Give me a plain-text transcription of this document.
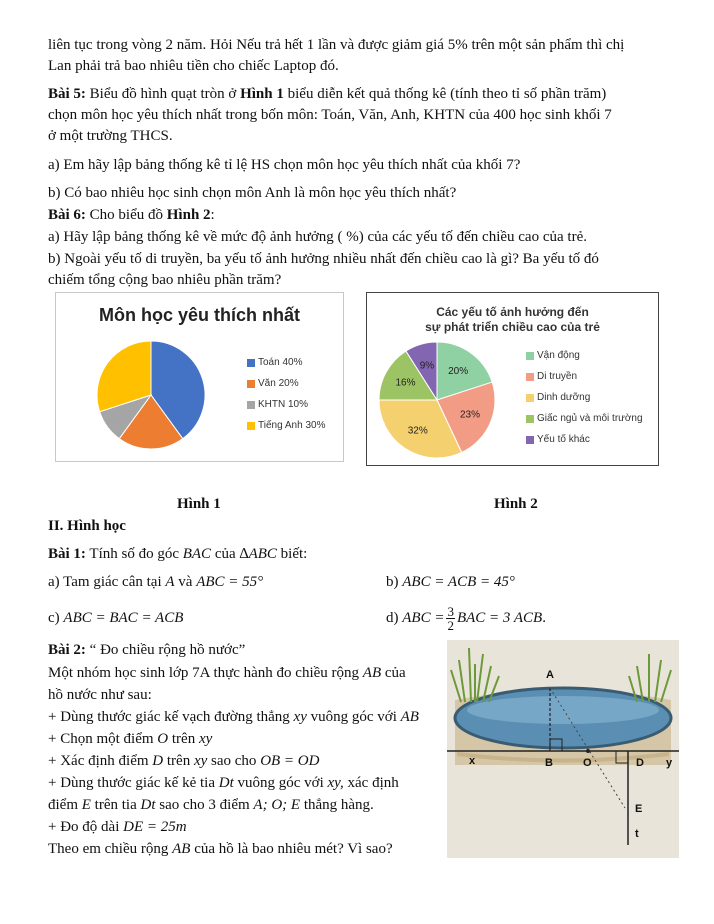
liên tục trong vòng 2 năm. Hỏi Nếu trả hết 1 lần và được giảm giá 5% trên một sản phẩm thì chị

Lan phải trả bao nhiêu tiền cho chiếc Laptop đó.

Bài 5: Biểu đồ hình quạt tròn ở Hình 1 biểu diễn kết quả thống kê (tính theo tỉ số phần trăm)

chọn môn học yêu thích nhất trong bốn môn: Toán, Văn, Anh, KHTN của 400 học sinh khối 7

ở một trường THCS.

a) Em hãy lập bảng thống kê tỉ lệ HS chọn môn học yêu thích nhất của khối 7?

b) Có bao nhiêu học sinh chọn môn Anh là môn học yêu thích nhất?

Bài 6: Cho biểu đồ Hình 2:

a) Hãy lập bảng thống kê về mức độ ảnh hưởng ( %) của các yếu tố đến chiều cao của trẻ.

b) Ngoài yếu tố di truyền, ba yếu tố ảnh hưởng nhiều nhất đến chiều cao là gì? Ba yếu tố đó

chiếm tổng cộng bao nhiêu phần trăm?

Môn học yêu thích nhất
Toán 40%
Văn 20%
KHTN 10%
Tiếng Anh 30%
Các yếu tố ảnh hưởng đến
sự phát triển chiều cao của trẻ
20%
23%
32%
16%
9%
Vận động
Di truyền
Dinh dưỡng
Giấc ngủ và môi trường
Yếu tố khác
Hình 1	Hình 2

II. Hình học

Bài 1: Tính số đo góc BAC của ∆ABC biết:

a) Tam giác cân tại A và ABC = 55°	b) ABC = ACB = 45°

c) ABC = BAC = ACB	d) ABC = $\frac{3}{2}$ BAC = 3 ACB.

Bài 2: “ Đo chiều rộng hồ nước”

Một nhóm học sinh lớp 7A thực hành đo chiều rộng AB của

hồ nước như sau:

+ Dùng thước giác kế vạch đường thẳng xy vuông góc với AB

+ Chọn một điểm O trên xy

+ Xác định điểm D trên xy sao cho OB = OD

+ Dùng thước giác kế kẻ tia Dt vuông góc với xy, xác định

điểm E trên tia Dt sao cho 3 điểm A; O; E thẳng hàng.

+ Đo độ dài DE = 25m

Theo em chiều rộng AB của hồ là bao nhiêu mét? Vì sao?

A
x	B	O	D y
E
t
